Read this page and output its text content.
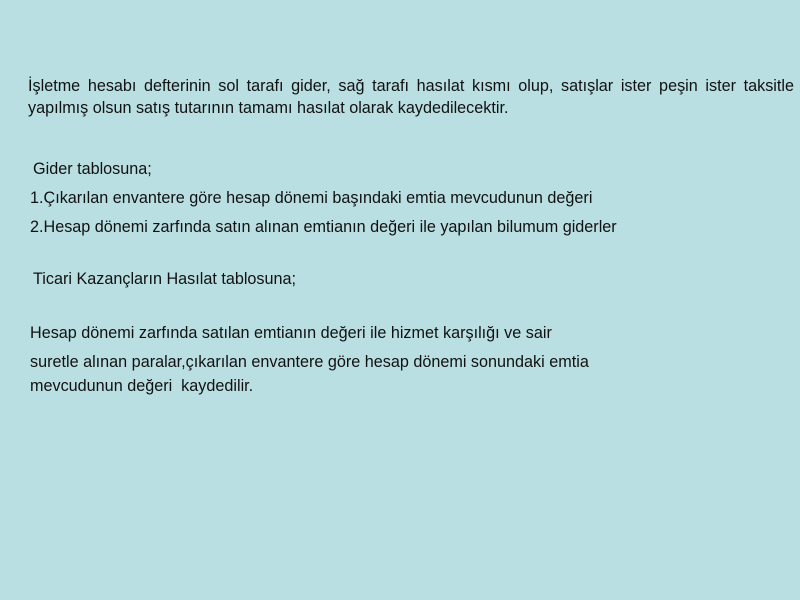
İşletme hesabı defterinin sol tarafı gider, sağ tarafı hasılat kısmı olup, satışlar ister peşin ister taksitle yapılmış olsun satış tutarının tamamı hasılat olarak kaydedilecektir.

Gider tablosuna;

1.Çıkarılan envantere göre hesap dönemi başındaki emtia mevcudunun değeri

2.Hesap dönemi zarfında satın alınan emtianın değeri ile yapılan bilumum giderler

Ticari Kazançların Hasılat tablosuna;

Hesap dönemi zarfında satılan emtianın değeri ile hizmet karşılığı ve sair

suretle alınan paralar,çıkarılan envantere göre hesap dönemi sonundaki emtia

mevcudunun değeri  kaydedilir.
